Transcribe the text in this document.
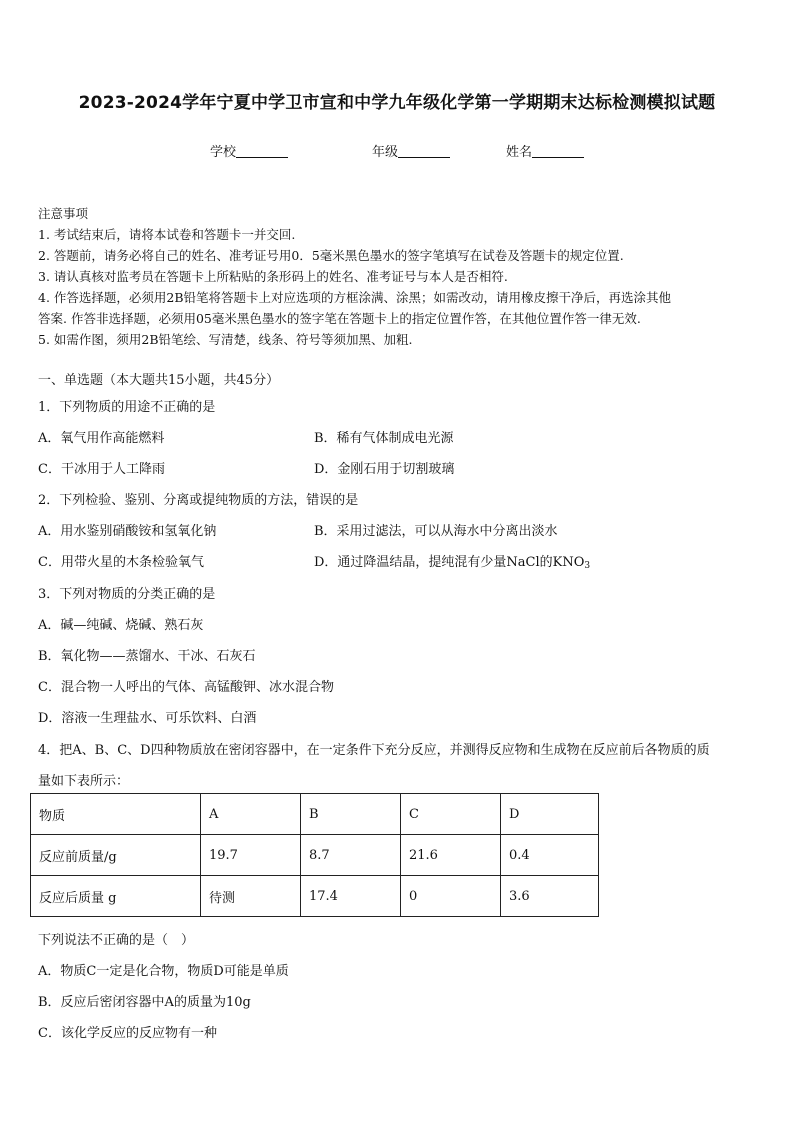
2023-2024学年宁夏中学卫市宣和中学九年级化学第一学期期末达标检测模拟试题
学校	年级	姓名
注意事项
1. 考试结束后，请将本试卷和答题卡一并交回.
2. 答题前，请务必将自己的姓名、准考证号用0．5毫米黑色墨水的签字笔填写在试卷及答题卡的规定位置.
3. 请认真核对监考员在答题卡上所粘贴的条形码上的姓名、准考证号与本人是否相符.
4. 作答选择题，必须用2B铅笔将答题卡上对应选项的方框涂满、涂黑；如需改动，请用橡皮擦干净后，再选涂其他
答案. 作答非选择题，必须用05毫米黑色墨水的签字笔在答题卡上的指定位置作答，在其他位置作答一律无效.
5. 如需作图，须用2B铅笔绘、写清楚，线条、符号等须加黑、加粗.
一、单选题（本大题共15小题，共45分）
1．下列物质的用途不正确的是
A．氧气用作高能燃料	B．稀有气体制成电光源
C．干冰用于人工降雨	D．金刚石用于切割玻璃
2．下列检验、鉴别、分离或提纯物质的方法，错误的是
A．用水鉴别硝酸铵和氢氧化钠	B．采用过滤法，可以从海水中分离出淡水
C．用带火星的木条检验氧气	D．通过降温结晶，提纯混有少量NaCl的$KNO_3$
3．下列对物质的分类正确的是
A．碱—纯碱、烧碱、熟石灰
B．氧化物——蒸馏水、干冰、石灰石
C．混合物一人呼出的气体、高锰酸钾、冰水混合物
D．溶液一生理盐水、可乐饮料、白酒
4．把A、B、C、D四种物质放在密闭容器中，在一定条件下充分反应，并测得反应物和生成物在反应前后各物质的质
量如下表所示：
下列说法不正确的是（　）
A．物质C一定是化合物，物质D可能是单质
B．反应后密闭容器中A的质量为10g
C．该化学反应的反应物有一种
物质	A	B	C	D
反应前质量/g	19.7	8.7	21.6	0.4
反应后质量 g	待测	17.4	0	3.6
